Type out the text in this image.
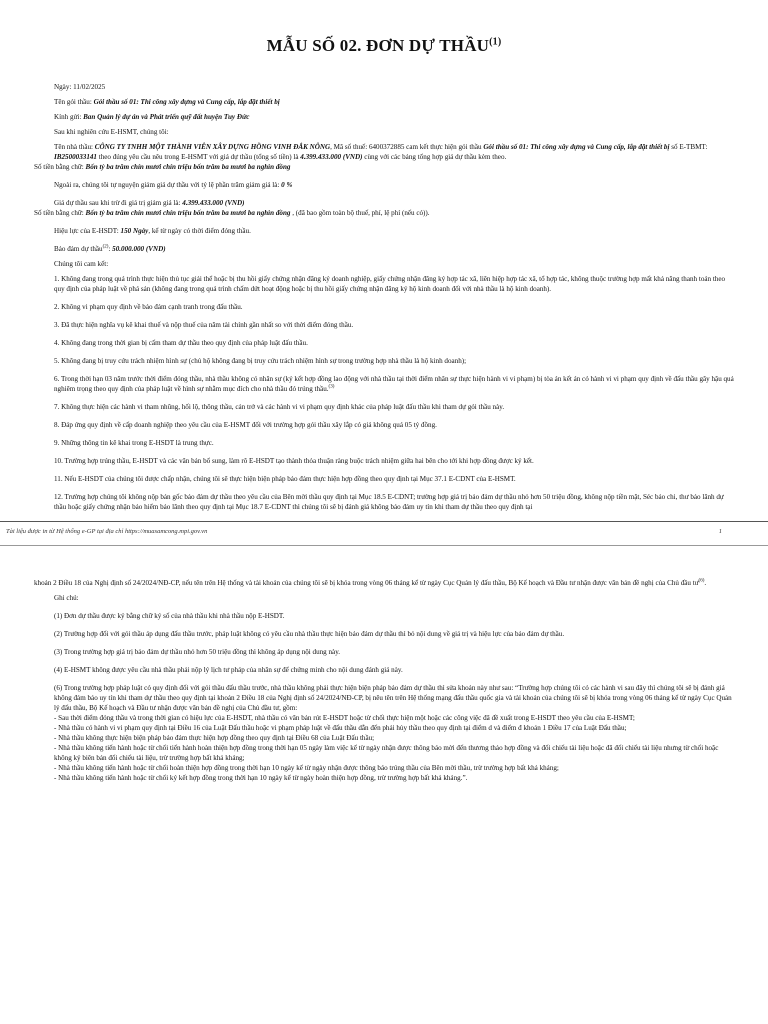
MẪU SỐ 02. ĐƠN DỰ THẦU$^{(1)}$

Ngày: 11/02/2025

Tên gói thầu: Gói thầu số 01: Thi công xây dựng và Cung cấp, lắp đặt thiết bị

Kính gửi: Ban Quản lý dự án và Phát triển quỹ đất huyện Tuy Đức

Sau khi nghiên cứu E-HSMT, chúng tôi:

Tên nhà thầu: CÔNG TY TNHH MỘT THÀNH VIÊN XÂY DỰNG HỒNG VINH ĐẮK NÔNG, Mã số thuế: 6400372885 cam kết thực hiện gói thầu Gói thầu số 01: Thi công xây dựng và Cung cấp, lắp đặt thiết bị số E-TBMT: IB2500033141 theo đúng yêu cầu nêu trong E-HSMT với giá dự thầu (tổng số tiền) là 4.399.433.000 (VND) cùng với các bảng tổng hợp giá dự thầu kèm theo.

Số tiền bằng chữ: Bốn tỷ ba trăm chín mươi chín triệu bốn trăm ba mươi ba nghìn đồng

Ngoài ra, chúng tôi tự nguyện giảm giá dự thầu với tỷ lệ phần trăm giảm giá là: 0 %

Giá dự thầu sau khi trừ đi giá trị giảm giá là: 4.399.433.000 (VND)

Số tiền bằng chữ: Bốn tỷ ba trăm chín mươi chín triệu bốn trăm ba mươi ba nghìn đồng , (đã bao gồm toàn bộ thuế, phí, lệ phí (nếu có)).

Hiệu lực của E-HSDT: 150 Ngày, kể từ ngày có thời điểm đóng thầu.

Bảo đảm dự thầu$^{(2)}$: 50.000.000 (VND)

Chúng tôi cam kết:

1. Không đang trong quá trình thực hiện thủ tục giải thể hoặc bị thu hồi giấy chứng nhận đăng ký doanh nghiệp, giấy chứng nhận đăng ký hợp tác xã, liên hiệp hợp tác xã, tổ hợp tác, không thuộc trường hợp mất khả năng thanh toán theo quy định của pháp luật về phá sản (không đang trong quá trình chấm dứt hoạt động hoặc bị thu hồi giấy chứng nhận đăng ký hộ kinh doanh đối với nhà thầu là hộ kinh doanh).

2. Không vi phạm quy định về bảo đảm cạnh tranh trong đấu thầu.

3. Đã thực hiện nghĩa vụ kê khai thuế và nộp thuế của năm tài chính gần nhất so với thời điểm đóng thầu.

4. Không đang trong thời gian bị cấm tham dự thầu theo quy định của pháp luật đấu thầu.

5. Không đang bị truy cứu trách nhiệm hình sự (chủ hộ không đang bị truy cứu trách nhiệm hình sự trong trường hợp nhà thầu là hộ kinh doanh);

6. Trong thời hạn 03 năm trước thời điểm đóng thầu, nhà thầu không có nhân sự (ký kết hợp đồng lao động với nhà thầu tại thời điểm nhân sự thực hiện hành vi vi phạm) bị tòa án kết án có hành vi vi phạm quy định về đấu thầu gây hậu quả nghiêm trọng theo quy định của pháp luật về hình sự nhằm mục đích cho nhà thầu đó trúng thầu.$^{(3)}$

7. Không thực hiện các hành vi tham nhũng, hối lộ, thông thầu, cản trở và các hành vi vi phạm quy định khác của pháp luật đấu thầu khi tham dự gói thầu này.

8. Đáp ứng quy định về cấp doanh nghiệp theo yêu cầu của E-HSMT đối với trường hợp gói thầu xây lắp có giá không quá 05 tỷ đồng.

9. Những thông tin kê khai trong E-HSDT là trung thực.

10. Trường hợp trúng thầu, E-HSDT và các văn bản bổ sung, làm rõ E-HSDT tạo thành thỏa thuận ràng buộc trách nhiệm giữa hai bên cho tới khi hợp đồng được ký kết.

11. Nếu E-HSDT của chúng tôi được chấp nhận, chúng tôi sẽ thực hiện biện pháp bảo đảm thực hiện hợp đồng theo quy định tại Mục 37.1 E-CDNT của E-HSMT.

12. Trường hợp chúng tôi không nộp bản gốc bảo đảm dự thầu theo yêu cầu của Bên mời thầu quy định tại Mục 18.5 E-CDNT; trường hợp giá trị bảo đảm dự thầu nhỏ hơn 50 triệu đồng, không nộp tiền mặt, Séc bảo chi, thư bảo lãnh dự thầu hoặc giấy chứng nhận bảo hiểm bảo lãnh theo quy định tại Mục 18.7 E-CDNT thì chúng tôi sẽ bị đánh giá không bảo đảm uy tín khi tham dự thầu theo quy định tại

Tài liệu được in từ Hệ thống e-GP tại địa chỉ https://muasamcong.mpi.gov.vn	1

khoản 2 Điều 18 của Nghị định số 24/2024/NĐ-CP, nếu tên trên Hệ thống và tài khoản của chúng tôi sẽ bị khóa trong vòng 06 tháng kể từ ngày Cục Quản lý đấu thầu, Bộ Kế hoạch và Đầu tư nhận được văn bản đề nghị của Chủ đầu $tư^{(6)}$.

Ghi chú:

(1) Đơn dự thầu được ký bằng chữ ký số của nhà thầu khi nhà thầu nộp E-HSDT.

(2) Trường hợp đối với gói thầu áp dụng đấu thầu trước, pháp luật không có yêu cầu nhà thầu thực hiện bảo đảm dự thầu thì bỏ nội dung về giá trị và hiệu lực của bảo đảm dự thầu.

(3) Trong trường hợp giá trị bảo đảm dự thầu nhỏ hơn 50 triệu đồng thì không áp dụng nội dung này.

(4) E-HSMT không được yêu cầu nhà thầu phải nộp lý lịch tư pháp của nhân sự để chứng minh cho nội dung đánh giá này.

(6) Trong trường hợp pháp luật có quy định đối với gói thầu đấu thầu trước, nhà thầu không phải thực hiện biện pháp bảo đảm dự thầu thì sửa khoản này như sau: “Trường hợp chúng tôi có các hành vi sau đây thì chúng tôi sẽ bị đánh giá không đảm bảo uy tín khi tham dự thầu theo quy định tại khoản 2 Điều 18 của Nghị định số 24/2024/NĐ-CP, bị nêu tên trên Hệ thống mạng đấu thầu quốc gia và tài khoản của chúng tôi sẽ bị khóa trong vòng 06 tháng kể từ ngày Cục Quản lý đấu thầu, Bộ Kế hoạch và Đầu tư nhận được văn bản đề nghị của Chủ đầu tư, gồm:

- Sau thời điểm đóng thầu và trong thời gian có hiệu lực của E-HSDT, nhà thầu có văn bản rút E-HSDT hoặc từ chối thực hiện một hoặc các công việc đã đề xuất trong E-HSDT theo yêu cầu của E-HSMT;

- Nhà thầu có hành vi vi phạm quy định tại Điều 16 của Luật Đấu thầu hoặc vi phạm pháp luật về đấu thầu dẫn đến phải hủy thầu theo quy định tại điểm d và điểm đ khoản 1 Điều 17 của Luật Đấu thầu;

- Nhà thầu không thực hiện biện pháp bảo đảm thực hiện hợp đồng theo quy định tại Điều 68 của Luật Đấu thầu;

- Nhà thầu không tiến hành hoặc từ chối tiến hành hoàn thiện hợp đồng trong thời hạn 05 ngày làm việc kể từ ngày nhận được thông báo mời đến thương thảo hợp đồng và đối chiếu tài liệu hoặc đã đối chiếu tài liệu nhưng từ chối hoặc không ký biên bản đối chiếu tài liệu, trừ trường hợp bất khả kháng;

- Nhà thầu không tiến hành hoặc từ chối hoàn thiện hợp đồng trong thời hạn 10 ngày kể từ ngày nhận được thông báo trúng thầu của Bên mời thầu, trừ trường hợp bất khả kháng;

- Nhà thầu không tiến hành hoặc từ chối ký kết hợp đồng trong thời hạn 10 ngày kể từ ngày hoàn thiện hợp đồng, trừ trường hợp bất khả kháng.”.
